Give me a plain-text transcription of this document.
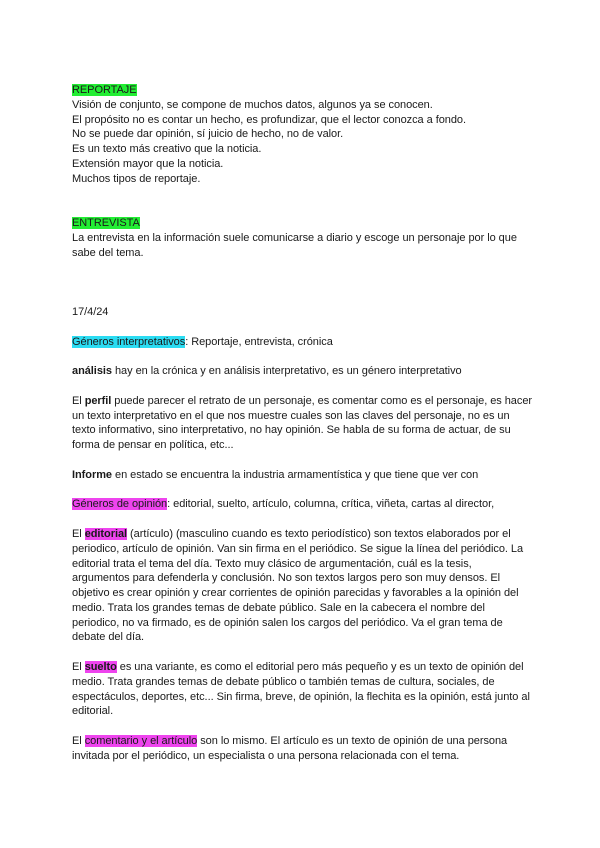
REPORTAJE

Visión de conjunto, se compone de muchos datos, algunos ya se conocen.

El propósito no es contar un hecho, es profundizar, que el lector conozca a fondo.

No se puede dar opinión, sí juicio de hecho, no de valor.

Es un texto más creativo que la noticia.

Extensión mayor que la noticia.

Muchos tipos de reportaje.

ENTREVISTA

La entrevista en la información suele comunicarse a diario y escoge un personaje por lo que sabe del tema.

17/4/24

Géneros interpretativos: Reportaje, entrevista, crónica

análisis hay en la crónica y en análisis interpretativo, es un género interpretativo

El perfil puede parecer el retrato de un personaje, es comentar como es el personaje, es hacer un texto interpretativo en el que nos muestre cuales son las claves del personaje, no es un texto informativo, sino interpretativo, no hay opinión. Se habla de su forma de actuar, de su forma de pensar en política, etc...

Informe en estado se encuentra la industria armamentística y que tiene que ver con

Géneros de opinión: editorial, suelto, artículo, columna, crítica, viñeta, cartas al director,

El editorial (artículo) (masculino cuando es texto periodístico) son textos elaborados por el periodico, artículo de opinión. Van sin firma en el periódico. Se sigue la línea del periódico. La editorial trata el tema del día. Texto muy clásico de argumentación, cuál es la tesis, argumentos para defenderla y conclusión. No son textos largos pero son muy densos. El objetivo es crear opinión y crear corrientes de opinión parecidas y favorables a la opinión del medio. Trata los grandes temas de debate público. Sale en la cabecera el nombre del periodico, no va firmado, es de opinión salen los cargos del periódico. Va el gran tema de debate del día.

El suelto es una variante, es como el editorial pero más pequeño y es un texto de opinión del medio. Trata grandes temas de debate público o también temas de cultura, sociales, de espectáculos, deportes, etc... Sin firma, breve, de opinión, la flechita es la opinión, está junto al editorial.

El comentario y el artículo son lo mismo. El artículo es un texto de opinión de una persona invitada por el periódico, un especialista o una persona relacionada con el tema.
